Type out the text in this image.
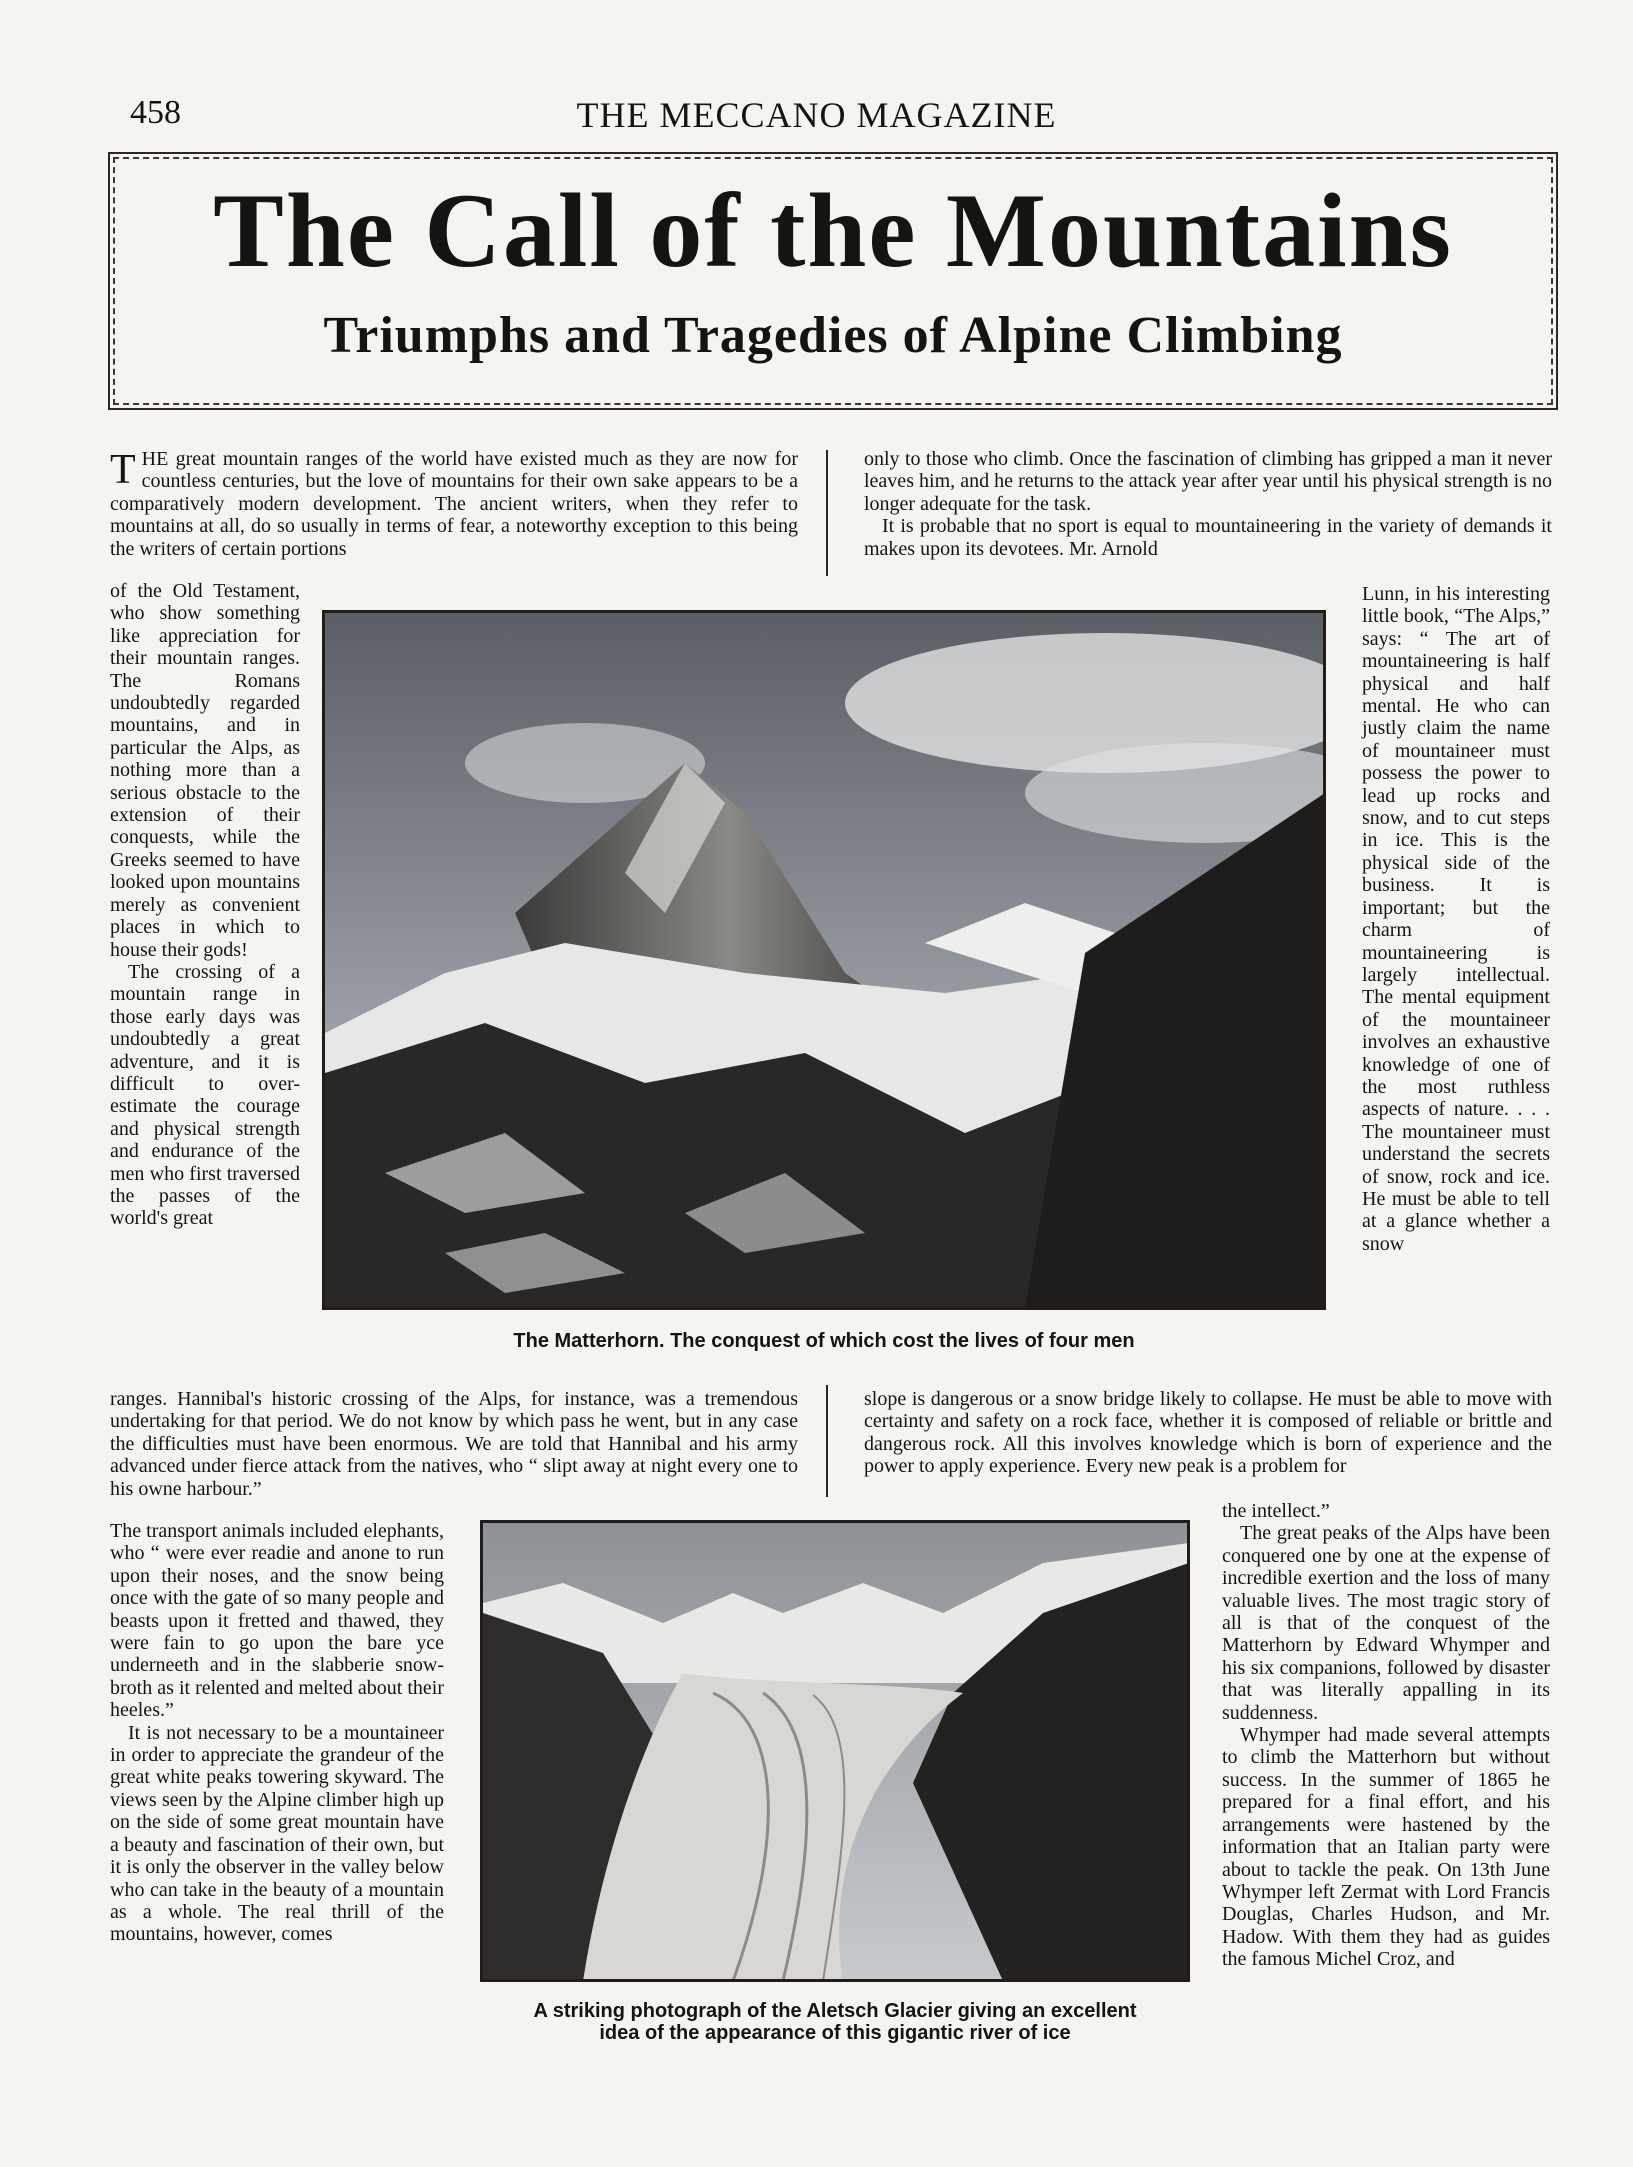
458	THE MECCANO MAGAZINE
The Call of the Mountains
Triumphs and Tragedies of Alpine Climbing

THE great mountain ranges of the world have existed much as they are now for countless centuries, but the love of mountains for their own sake appears to be a comparatively modern development. The ancient writers, when they refer to mountains at all, do so usually in terms of fear, a noteworthy exception to this being the writers of certain portions

of the Old Testament, who show something like appreciation for their mountain ranges. The Romans undoubtedly regarded mountains, and in particular the Alps, as nothing more than a serious obstacle to the extension of their conquests, while the Greeks seemed to have looked upon mountains merely as convenient places in which to house their gods!

The crossing of a mountain range in those early days was undoubtedly a great adventure, and it is difficult to over-estimate the courage and physical strength and endurance of the men who first traversed the passes of the world's great

ranges. Hannibal's historic crossing of the Alps, for instance, was a tremendous undertaking for that period. We do not know by which pass he went, but in any case the difficulties must have been enormous. We are told that Hannibal and his army advanced under fierce attack from the natives, who “ slipt away at night every one to his owne harbour.”

The transport animals included elephants, who “ were ever readie and anone to run upon their noses, and the snow being once with the gate of so many people and beasts upon it fretted and thawed, they were fain to go upon the bare yce underneeth and in the slabberie snow-broth as it relented and melted about their heeles.”

It is not necessary to be a mountaineer in order to appreciate the grandeur of the great white peaks towering skyward. The views seen by the Alpine climber high up on the side of some great mountain have a beauty and fascination of their own, but it is only the observer in the valley below who can take in the beauty of a mountain as a whole. The real thrill of the mountains, however, comes

only to those who climb. Once the fascination of climbing has gripped a man it never leaves him, and he returns to the attack year after year until his physical strength is no longer adequate for the task.

It is probable that no sport is equal to mountaineering in the variety of demands it makes upon its devotees. Mr. Arnold

Lunn, in his interesting little book, “The Alps,” says: “ The art of mountaineering is half physical and half mental. He who can justly claim the name of mountaineer must possess the power to lead up rocks and snow, and to cut steps in ice. This is the physical side of the business. It is important; but the charm of mountaineering is largely intellectual. The mental equipment of the mountaineer involves an exhaustive knowledge of one of the most ruthless aspects of nature. . . . The mountaineer must understand the secrets of snow, rock and ice. He must be able to tell at a glance whether a snow

slope is dangerous or a snow bridge likely to collapse. He must be able to move with certainty and safety on a rock face, whether it is composed of reliable or brittle and dangerous rock. All this involves knowledge which is born of experience and the power to apply experience. Every new peak is a problem for

the intellect.”

The great peaks of the Alps have been conquered one by one at the expense of incredible exertion and the loss of many valuable lives. The most tragic story of all is that of the conquest of the Matterhorn by Edward Whymper and his six companions, followed by disaster that was literally appalling in its suddenness.

Whymper had made several attempts to climb the Matterhorn but without success. In the summer of 1865 he prepared for a final effort, and his arrangements were hastened by the information that an Italian party were about to tackle the peak. On 13th June Whymper left Zermat with Lord Francis Douglas, Charles Hudson, and Mr. Hadow. With them they had as guides the famous Michel Croz, and

The Matterhorn. The conquest of which cost the lives of four men
A striking photograph of the Aletsch Glacier giving an excellent
idea of the appearance of this gigantic river of ice
